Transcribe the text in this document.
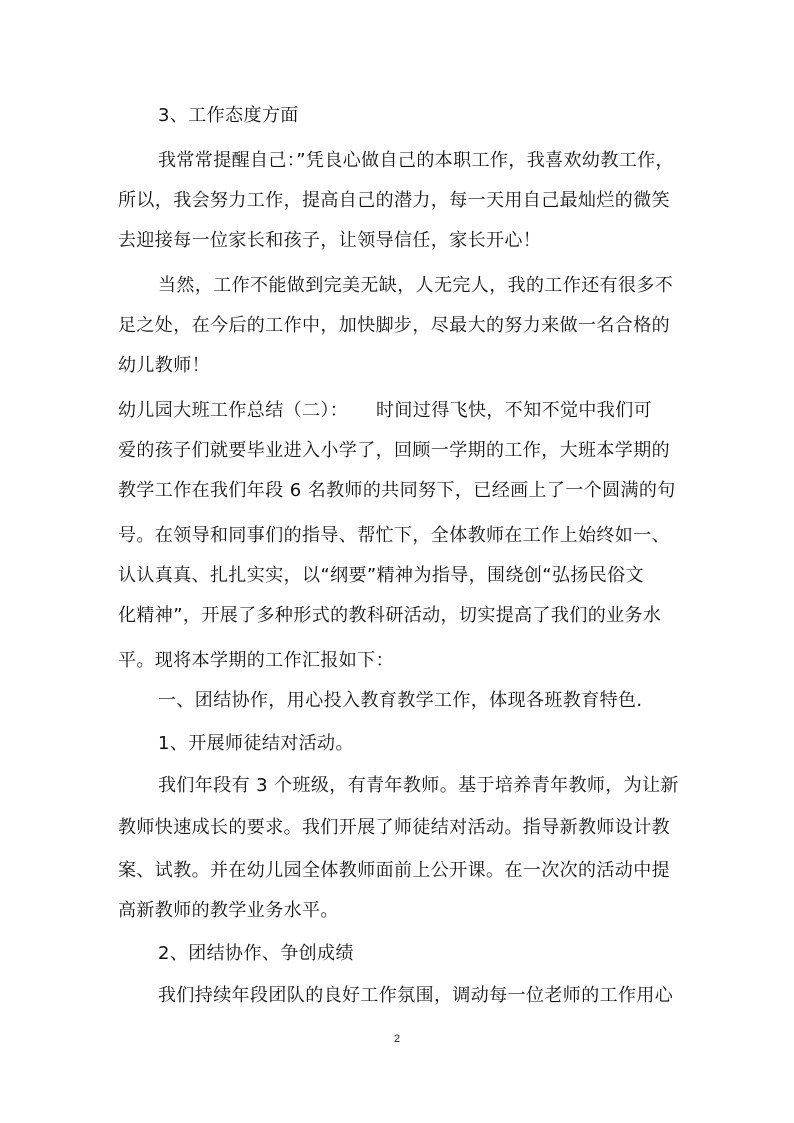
3、工作态度方面
我常常提醒自己：”凭良心做自己的本职工作，我喜欢幼教工作，
所以，我会努力工作，提高自己的潜力，每一天用自己最灿烂的微笑
去迎接每一位家长和孩子，让领导信任，家长开心！
当然，工作不能做到完美无缺，人无完人，我的工作还有很多不
足之处，在今后的工作中，加快脚步，尽最大的努力来做一名合格的
幼儿教师！
幼儿园大班工作总结（二）：　　时间过得飞快，不知不觉中我们可
爱的孩子们就要毕业进入小学了，回顾一学期的工作，大班本学期的
教学工作在我们年段 6 名教师的共同努下，已经画上了一个圆满的句
号。在领导和同事们的指导、帮忙下，全体教师在工作上始终如一、
认认真真、扎扎实实，以“纲要”精神为指导，围绕创“弘扬民俗文
化精神”，开展了多种形式的教科研活动，切实提高了我们的业务水
平。现将本学期的工作汇报如下：
一、团结协作，用心投入教育教学工作，体现各班教育特色.
1、开展师徒结对活动。
我们年段有 3 个班级，有青年教师。基于培养青年教师，为让新
教师快速成长的要求。我们开展了师徒结对活动。指导新教师设计教
案、试教。并在幼儿园全体教师面前上公开课。在一次次的活动中提
高新教师的教学业务水平。
2、团结协作、争创成绩
我们持续年段团队的良好工作氛围，调动每一位老师的工作用心
2
